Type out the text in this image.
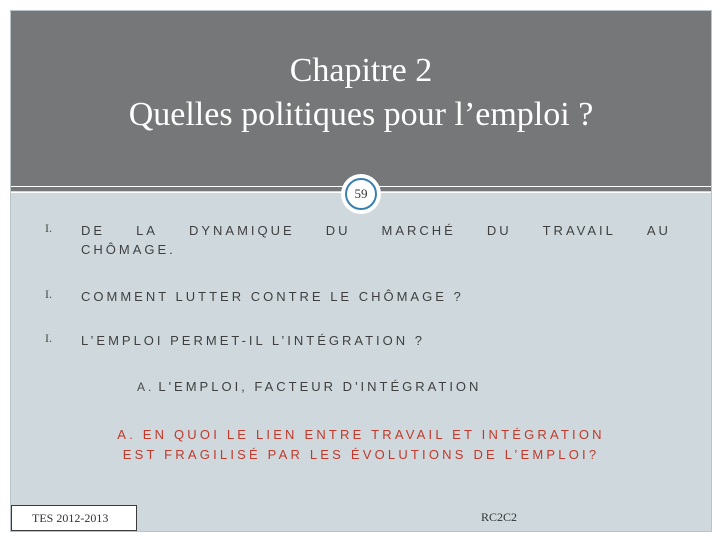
Chapitre 2
Quelles politiques pour l’emploi ?
59
I. DE LA DYNAMIQUE DU MARCHÉ DU TRAVAIL AU
CHÔMAGE.
I. COMMENT LUTTER CONTRE LE CHÔMAGE ?
I. L’EMPLOI PERMET-IL L’INTÉGRATION ?
A. L'EMPLOI, FACTEUR D'INTÉGRATION
A. EN QUOI LE LIEN ENTRE TRAVAIL ET INTÉGRATION
EST FRAGILISÉ PAR LES ÉVOLUTIONS DE L’EMPLOI?
TES 2012-2013	RC2C2
